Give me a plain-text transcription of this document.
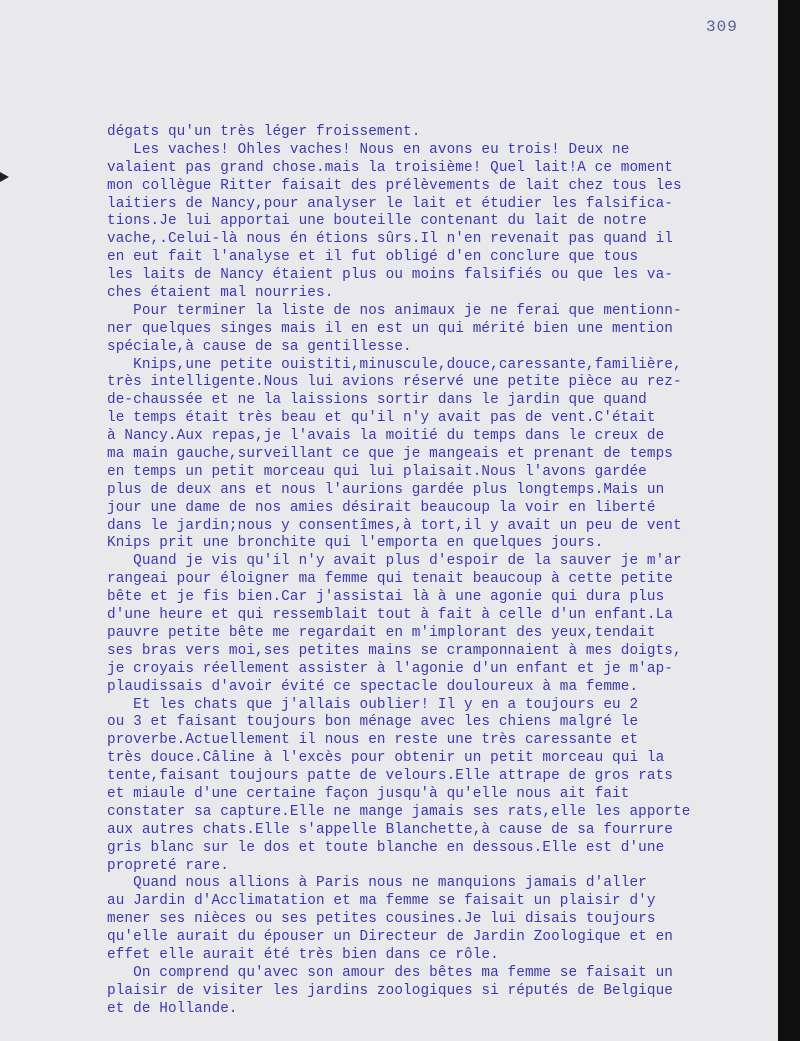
309
dégats qu'un très léger froissement.
Les vaches! Ohles vaches! Nous en avons eu trois! Deux ne
valaient pas grand chose.mais la troisième! Quel lait!A ce moment
mon collègue Ritter faisait des prélèvements de lait chez tous les
laitiers de Nancy,pour analyser le lait et étudier les falsifica-
tions.Je lui apportai une bouteille contenant du lait de notre
vache,.Celui-là nous én étions sûrs.Il n'en revenait pas quand il
en eut fait l'analyse et il fut obligé d'en conclure que tous
les laits de Nancy étaient plus ou moins falsifiés ou que les va-
ches étaient mal nourries.
Pour terminer la liste de nos animaux je ne ferai que mentionn-
ner quelques singes mais il en est un qui mérité bien une mention
spéciale,à cause de sa gentillesse.
Knips,une petite ouistiti,minuscule,douce,caressante,familière,
très intelligente.Nous lui avions réservé une petite pièce au rez-
de-chaussée et ne la laissions sortir dans le jardin que quand
le temps était très beau et qu'il n'y avait pas de vent.C'était
à Nancy.Aux repas,je l'avais la moitié du temps dans le creux de
ma main gauche,surveillant ce que je mangeais et prenant de temps
en temps un petit morceau qui lui plaisait.Nous l'avons gardée
plus de deux ans et nous l'aurions gardée plus longtemps.Mais un
jour une dame de nos amies désirait beaucoup la voir en liberté
dans le jardin;nous y consentîmes,à tort,il y avait un peu de vent
Knips prit une bronchite qui l'emporta en quelques jours.
Quand je vis qu'il n'y avait plus d'espoir de la sauver je m'ar
rangeai pour éloigner ma femme qui tenait beaucoup à cette petite
bête et je fis bien.Car j'assistai là à une agonie qui dura plus
d'une heure et qui ressemblait tout à fait à celle d'un enfant.La
pauvre petite bête me regardait en m'implorant des yeux,tendait
ses bras vers moi,ses petites mains se cramponnaient à mes doigts,
je croyais réellement assister à l'agonie d'un enfant et je m'ap-
plaudissais d'avoir évité ce spectacle douloureux à ma femme.
Et les chats que j'allais oublier! Il y en a toujours eu 2
ou 3 et faisant toujours bon ménage avec les chiens malgré le
proverbe.Actuellement il nous en reste une très caressante et
très douce.Câline à l'excès pour obtenir un petit morceau qui la
tente,faisant toujours patte de velours.Elle attrape de gros rats
et miaule d'une certaine façon jusqu'à qu'elle nous ait fait
constater sa capture.Elle ne mange jamais ses rats,elle les apporte
aux autres chats.Elle s'appelle Blanchette,à cause de sa fourrure
gris blanc sur le dos et toute blanche en dessous.Elle est d'une
propreté rare.
Quand nous allions à Paris nous ne manquions jamais d'aller
au Jardin d'Acclimatation et ma femme se faisait un plaisir d'y
mener ses nièces ou ses petites cousines.Je lui disais toujours
qu'elle aurait du épouser un Directeur de Jardin Zoologique et en
effet elle aurait été très bien dans ce rôle.
On comprend qu'avec son amour des bêtes ma femme se faisait un
plaisir de visiter les jardins zoologiques si réputés de Belgique
et de Hollande.
